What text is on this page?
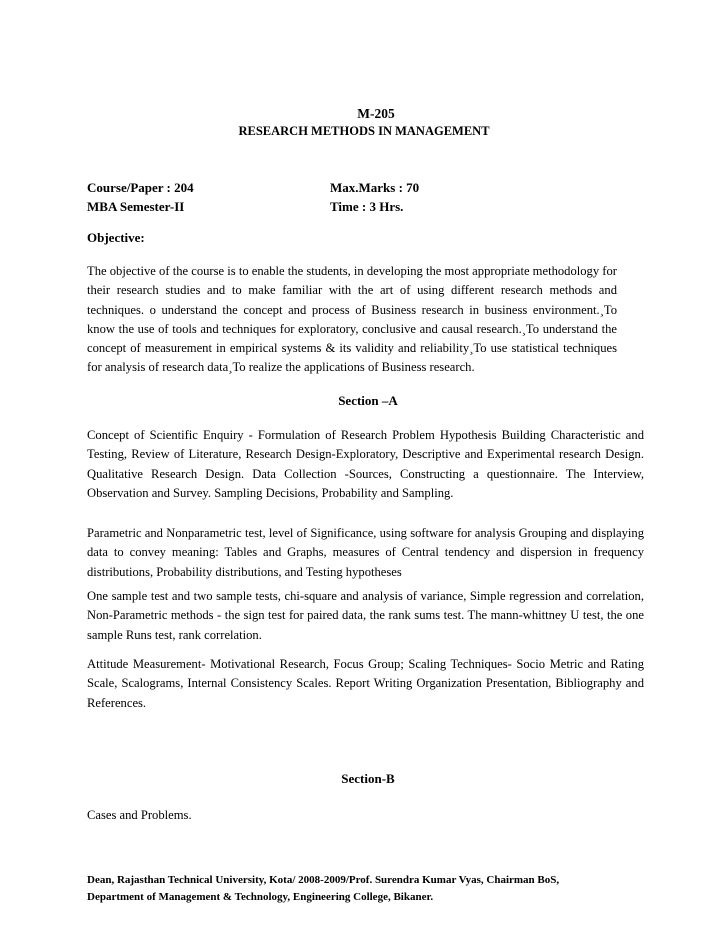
M-205
RESEARCH METHODS IN MANAGEMENT
Course/Paper : 204
MBA Semester-II
Max.Marks : 70
Time : 3 Hrs.
Objective:
The objective of the course is to enable the students, in developing the most appropriate methodology for their research studies and to make familiar with the art of using different research methods and techniques. o understand the concept and process of Business research in business environment.¸To know the use of tools and techniques for exploratory, conclusive and causal research.¸To understand the concept of measurement in empirical systems & its validity and reliability¸To use statistical techniques for analysis of research data¸To realize the applications of Business research.
Section –A
Concept of Scientific Enquiry - Formulation of Research Problem Hypothesis Building Characteristic and Testing, Review of Literature, Research Design-Exploratory, Descriptive and Experimental research Design. Qualitative Research Design. Data Collection -Sources, Constructing a questionnaire. The Interview, Observation and Survey. Sampling Decisions, Probability and Sampling.
Parametric and Nonparametric test, level of Significance, using software for analysis Grouping and displaying data to convey meaning: Tables and Graphs, measures of Central tendency and dispersion in frequency distributions, Probability distributions, and Testing hypotheses
One sample test and two sample tests, chi-square and analysis of variance, Simple regression and correlation, Non-Parametric methods - the sign test for paired data, the rank sums test. The mann-whittney U test, the one sample Runs test, rank correlation.
Attitude Measurement- Motivational Research, Focus Group; Scaling Techniques- Socio Metric and Rating Scale, Scalograms, Internal Consistency Scales. Report Writing Organization Presentation, Bibliography and References.
Section-B
Cases and Problems.
Dean, Rajasthan Technical University, Kota/ 2008-2009/Prof. Surendra Kumar Vyas, Chairman BoS,
Department of Management & Technology, Engineering College, Bikaner.
